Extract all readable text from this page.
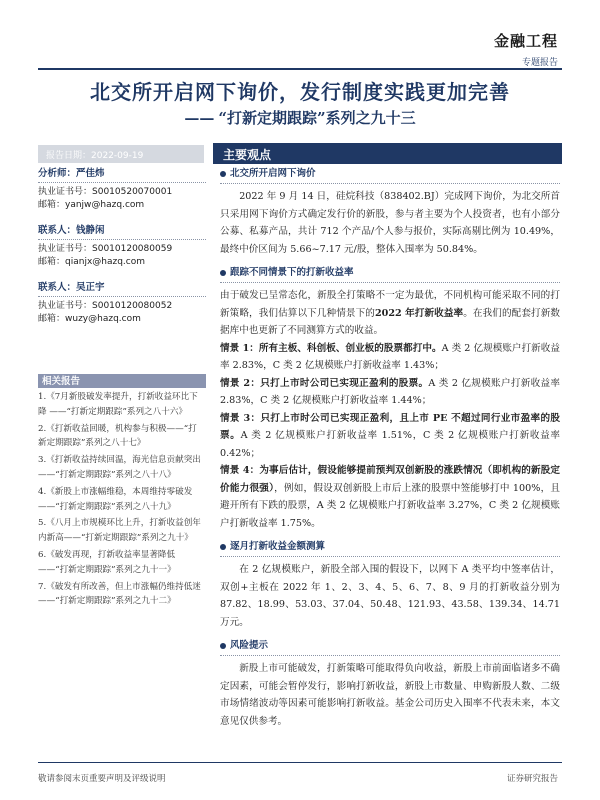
金融工程
专题报告
北交所开启网下询价，发行制度实践更加完善
—— “打新定期跟踪”系列之九十三
报告日期：2022-09-19	主要观点
分析师：严佳炜
执业证书号：S0010520070001
邮箱：yanjw@hazq.com
联系人：钱静闲
执业证书号：S0010120080059
邮箱：qianjx@hazq.com
联系人：吴正宇
执业证书号：S0010120080052
邮箱：wuzy@hazq.com
相关报告
1.《7月新股破发率提升，打新收益环比下降 ——“打新定期跟踪”系列之八十六》
2.《打新收益回暖，机构参与积极——“打新定期跟踪”系列之八十七》
3.《打新收益持续回温，海光信息贡献突出——“打新定期跟踪”系列之八十八》
4.《新股上市涨幅维稳，本周维持零破发——“打新定期跟踪”系列之八十九》
5.《八月上市规模环比上升，打新收益创年内新高——“打新定期跟踪”系列之九十》
6.《破发再现，打新收益率显著降低——“打新定期跟踪”系列之九十一》
7.《破发有所改善，但上市涨幅仍维持低迷——“打新定期跟踪”系列之九十二》
北交所开启网下询价

2022 年 9 月 14 日，硅烷科技（838402.BJ）完成网下询价，为北交所首只采用网下询价方式确定发行价的新股，参与者主要为个人投资者，也有小部分公募、私募产品，共计 712 个产品/个人参与报价，实际高剔比例为 10.49%，最终中价区间为 5.66~7.17 元/股，整体入围率为 50.84%。

跟踪不同情景下的打新收益率

由于破发已呈常态化，新股全打策略不一定为最优，不同机构可能采取不同的打新策略，我们估算以下几种情景下的2022 年打新收益率。在我们的配套打新数据库中也更新了不同测算方式的收益。

情景 1：所有主板、科创板、创业板的股票都打中。A 类 2 亿规模账户打新收益率 2.83%，C 类 2 亿规模账户打新收益率 1.43%；

情景 2：只打上市时公司已实现正盈利的股票。A 类 2 亿规模账户打新收益率 2.83%，C 类 2 亿规模账户打新收益率 1.44%；

情景 3：只打上市时公司已实现正盈利，且上市 PE 不超过同行业市盈率的股票。A 类 2 亿规模账户打新收益率 1.51%，C 类 2 亿规模账户打新收益率 0.42%；

情景 4：为事后估计，假设能够提前预判双创新股的涨跌情况（即机构的新股定价能力很强），例如，假设双创新股上市后上涨的股票中签能够打中 100%，且避开所有下跌的股票，A 类 2 亿规模账户打新收益率 3.27%，C 类 2 亿规模账户打新收益率 1.75%。

逐月打新收益金额测算

在 2 亿规模账户，新股全部入围的假设下，以网下 A 类平均中签率估计，双创+主板在 2022 年 1、2、3、4、5、6、7、8、9 月的打新收益分别为 87.82、18.99、53.03、37.04、50.48、121.93、43.58、139.34、14.71 万元。

风险提示

新股上市可能破发，打新策略可能取得负向收益，新股上市前面临诸多不确定因素，可能会暂停发行，影响打新收益，新股上市数量、申购新股人数、二级市场情绪波动等因素可能影响打新收益。基金公司历史入围率不代表未来，本文意见仅供参考。

敬请参阅末页重要声明及评级说明	证券研究报告
